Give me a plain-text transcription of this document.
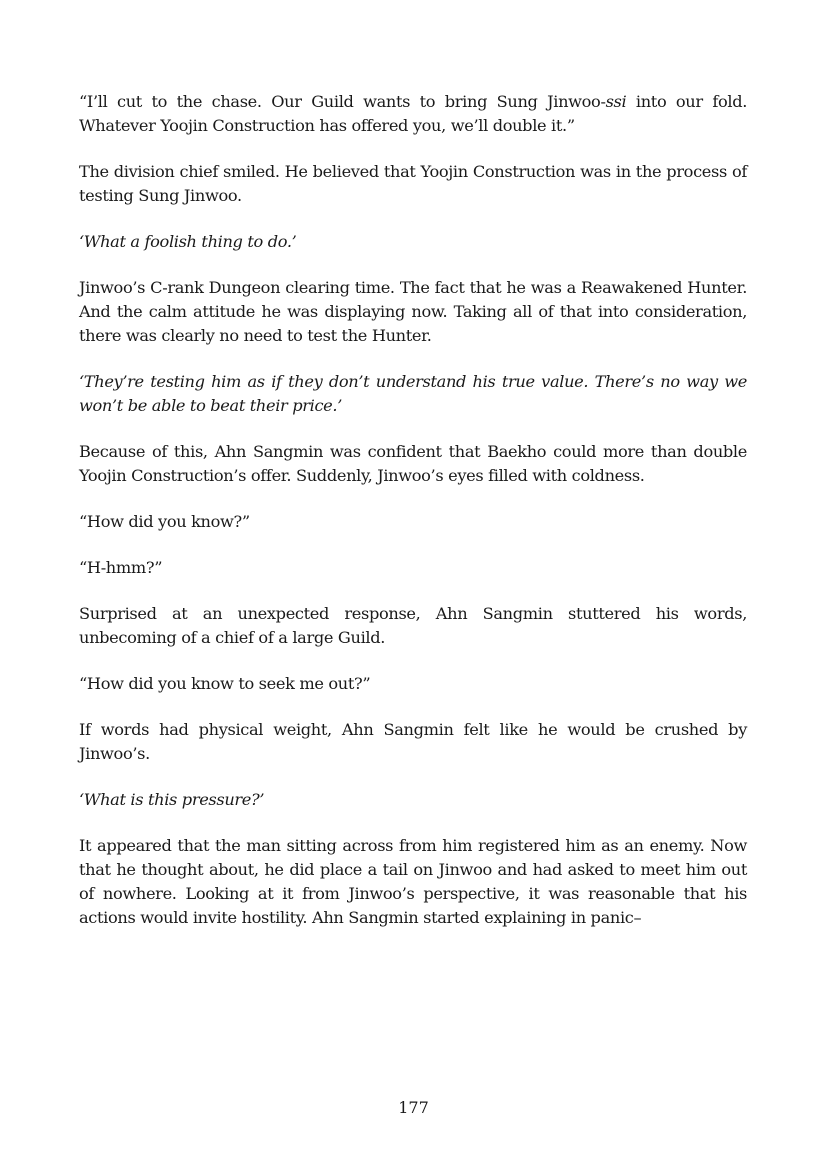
“I’ll cut to the chase. Our Guild wants to bring Sung Jinwoo-ssi into our fold. Whatever Yoojin Construction has offered you, we’ll double it.”

The division chief smiled. He believed that Yoojin Construction was in the process of testing Sung Jinwoo.

‘What a foolish thing to do.’

Jinwoo’s C-rank Dungeon clearing time. The fact that he was a Reawakened Hunter. And the calm attitude he was displaying now. Taking all of that into consideration, there was clearly no need to test the Hunter.

‘They’re testing him as if they don’t understand his true value. There’s no way we won’t be able to beat their price.’

Because of this, Ahn Sangmin was confident that Baekho could more than double Yoojin Construction’s offer. Suddenly, Jinwoo’s eyes filled with coldness.

“How did you know?”

“H-hmm?”

Surprised at an unexpected response, Ahn Sangmin stuttered his words, unbecoming of a chief of a large Guild.

“How did you know to seek me out?”

If words had physical weight, Ahn Sangmin felt like he would be crushed by Jinwoo’s.

‘What is this pressure?’

It appeared that the man sitting across from him registered him as an enemy. Now that he thought about, he did place a tail on Jinwoo and had asked to meet him out of nowhere. Looking at it from Jinwoo’s perspective, it was reasonable that his actions would invite hostility. Ahn Sangmin started explaining in panic–

177
